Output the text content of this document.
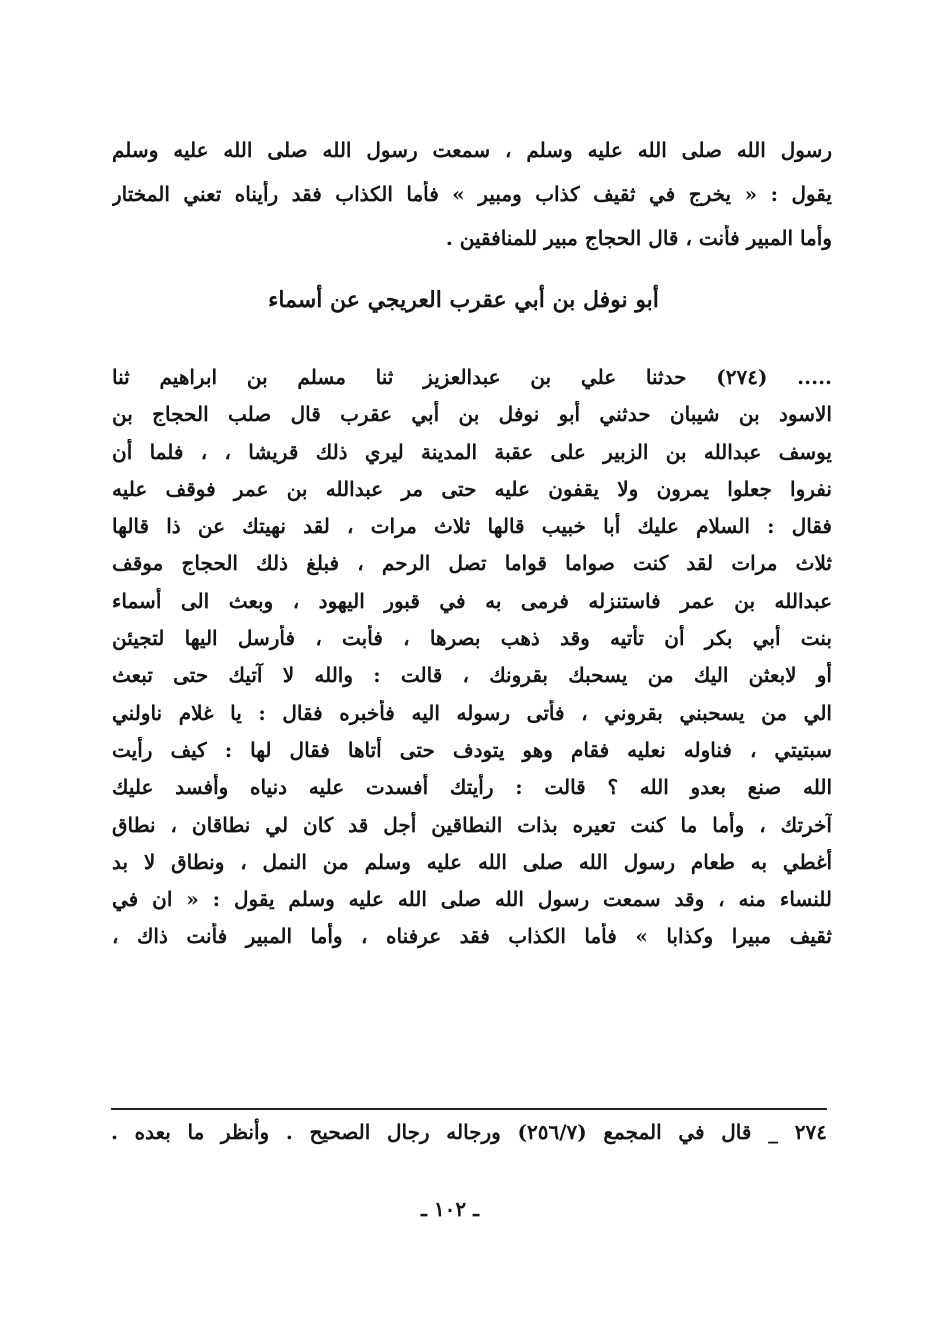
رسول الله صلى الله عليه وسلم ، سمعت رسول الله صلى الله عليه وسلم
يقول : « يخرج في ثقيف كذاب ومبير » فأما الكذاب فقد رأيناه تعني المختار
وأما المبير فأنت ، قال الحجاج مبير للمنافقين .
أبو نوفل بن أبي عقرب العريجي عن أسماء
..... (٢٧٤) حدثنا علي بن عبدالعزيز ثنا مسلم بن ابراهيم ثنا
الاسود بن شيبان حدثني أبو نوفل بن أبي عقرب قال صلب الحجاج بن
يوسف عبدالله بن الزبير على عقبة المدينة ليري ذلك قريشا ، ، فلما أن
نفروا جعلوا يمرون ولا يقفون عليه حتى مر عبدالله بن عمر فوقف عليه
فقال : السلام عليك أبا خبيب قالها ثلاث مرات ، لقد نهيتك عن ذا قالها
ثلاث مرات لقد كنت صواما قواما تصل الرحم ، فبلغ ذلك الحجاج موقف
عبدالله بن عمر فاستنزله فرمى به في قبور اليهود ، وبعث الى أسماء
بنت أبي بكر أن تأتيه وقد ذهب بصرها ، فأبت ، فأرسل اليها لتجيئن
أو لابعثن اليك من يسحبك بقرونك ، قالت : والله لا آتيك حتى تبعث
الي من يسحبني بقروني ، فأتى رسوله اليه فأخبره فقال : يا غلام ناولني
سبتيتي ، فناوله نعليه فقام وهو يتودف حتى أتاها فقال لها : كيف رأيت
الله صنع بعدو الله ؟ قالت : رأيتك أفسدت عليه دنياه وأفسد عليك
آخرتك ، وأما ما كنت تعيره بذات النطاقين أجل قد كان لي نطاقان ، نطاق
أغطي به طعام رسول الله صلى الله عليه وسلم من النمل ، ونطاق لا بد
للنساء منه ، وقد سمعت رسول الله صلى الله عليه وسلم يقول : « ان في
ثقيف مبيرا وكذابا » فأما الكذاب فقد عرفناه ، وأما المبير فأنت ذاك ،
٢٧٤ _ قال في المجمع (٢٥٦/٧) ورجاله رجال الصحيح . وأنظر ما بعده .
ـ ١٠٢ ـ
